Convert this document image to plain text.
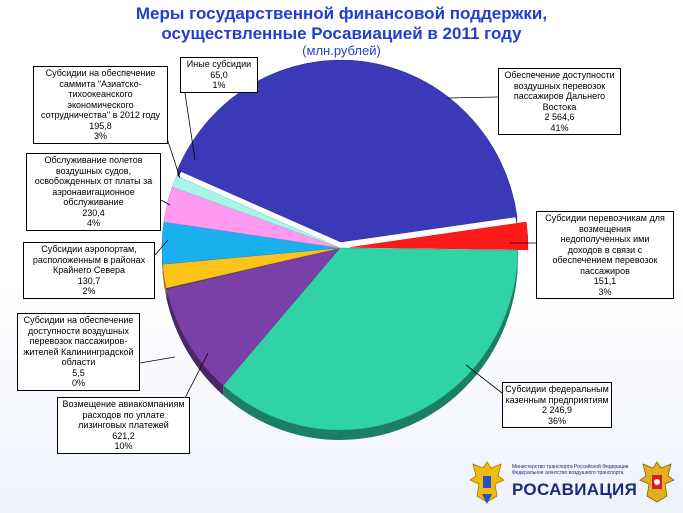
Меры государственной финансовой поддержки,
осуществленные Росавиацией в 2011 году
(млн.рублей)
Обеспечение доступности
воздушных перевозок
пассажиров Дальнего
Востока
2 564,6
41%
Субсидии перевозчикам для
возмещения
недополученных ими
доходов в связи с
обеспечением перевозок
пассажиров
151,1
3%
Субсидии федеральным
казенным предприятиям
2 246,9
36%
Возмещение авиакомпаниям
расходов по уплате
лизинговых платежей
621,2
10%
Субсидии на обеспечение
доступности воздушных
перевозок пассажиров-
жителей Калининградской
области
5,5
0%
Субсидии аэропортам,
расположенным в районах
Крайнего Севера
130,7
2%
Обслуживание полетов
воздушных судов,
освобожденных от платы за
аэронавигационное
обслуживание
230,4
4%
Субсидии на обеспечение
саммита "Азиатско-
тихоокеанского
экономического
сотрудничества" в 2012 году
195,8
3%
Иные субсидии
65,0
1%
Министерство транспорта Российской Федерации
Федеральное агентство воздушного транспорта
РОСАВИАЦИЯ
